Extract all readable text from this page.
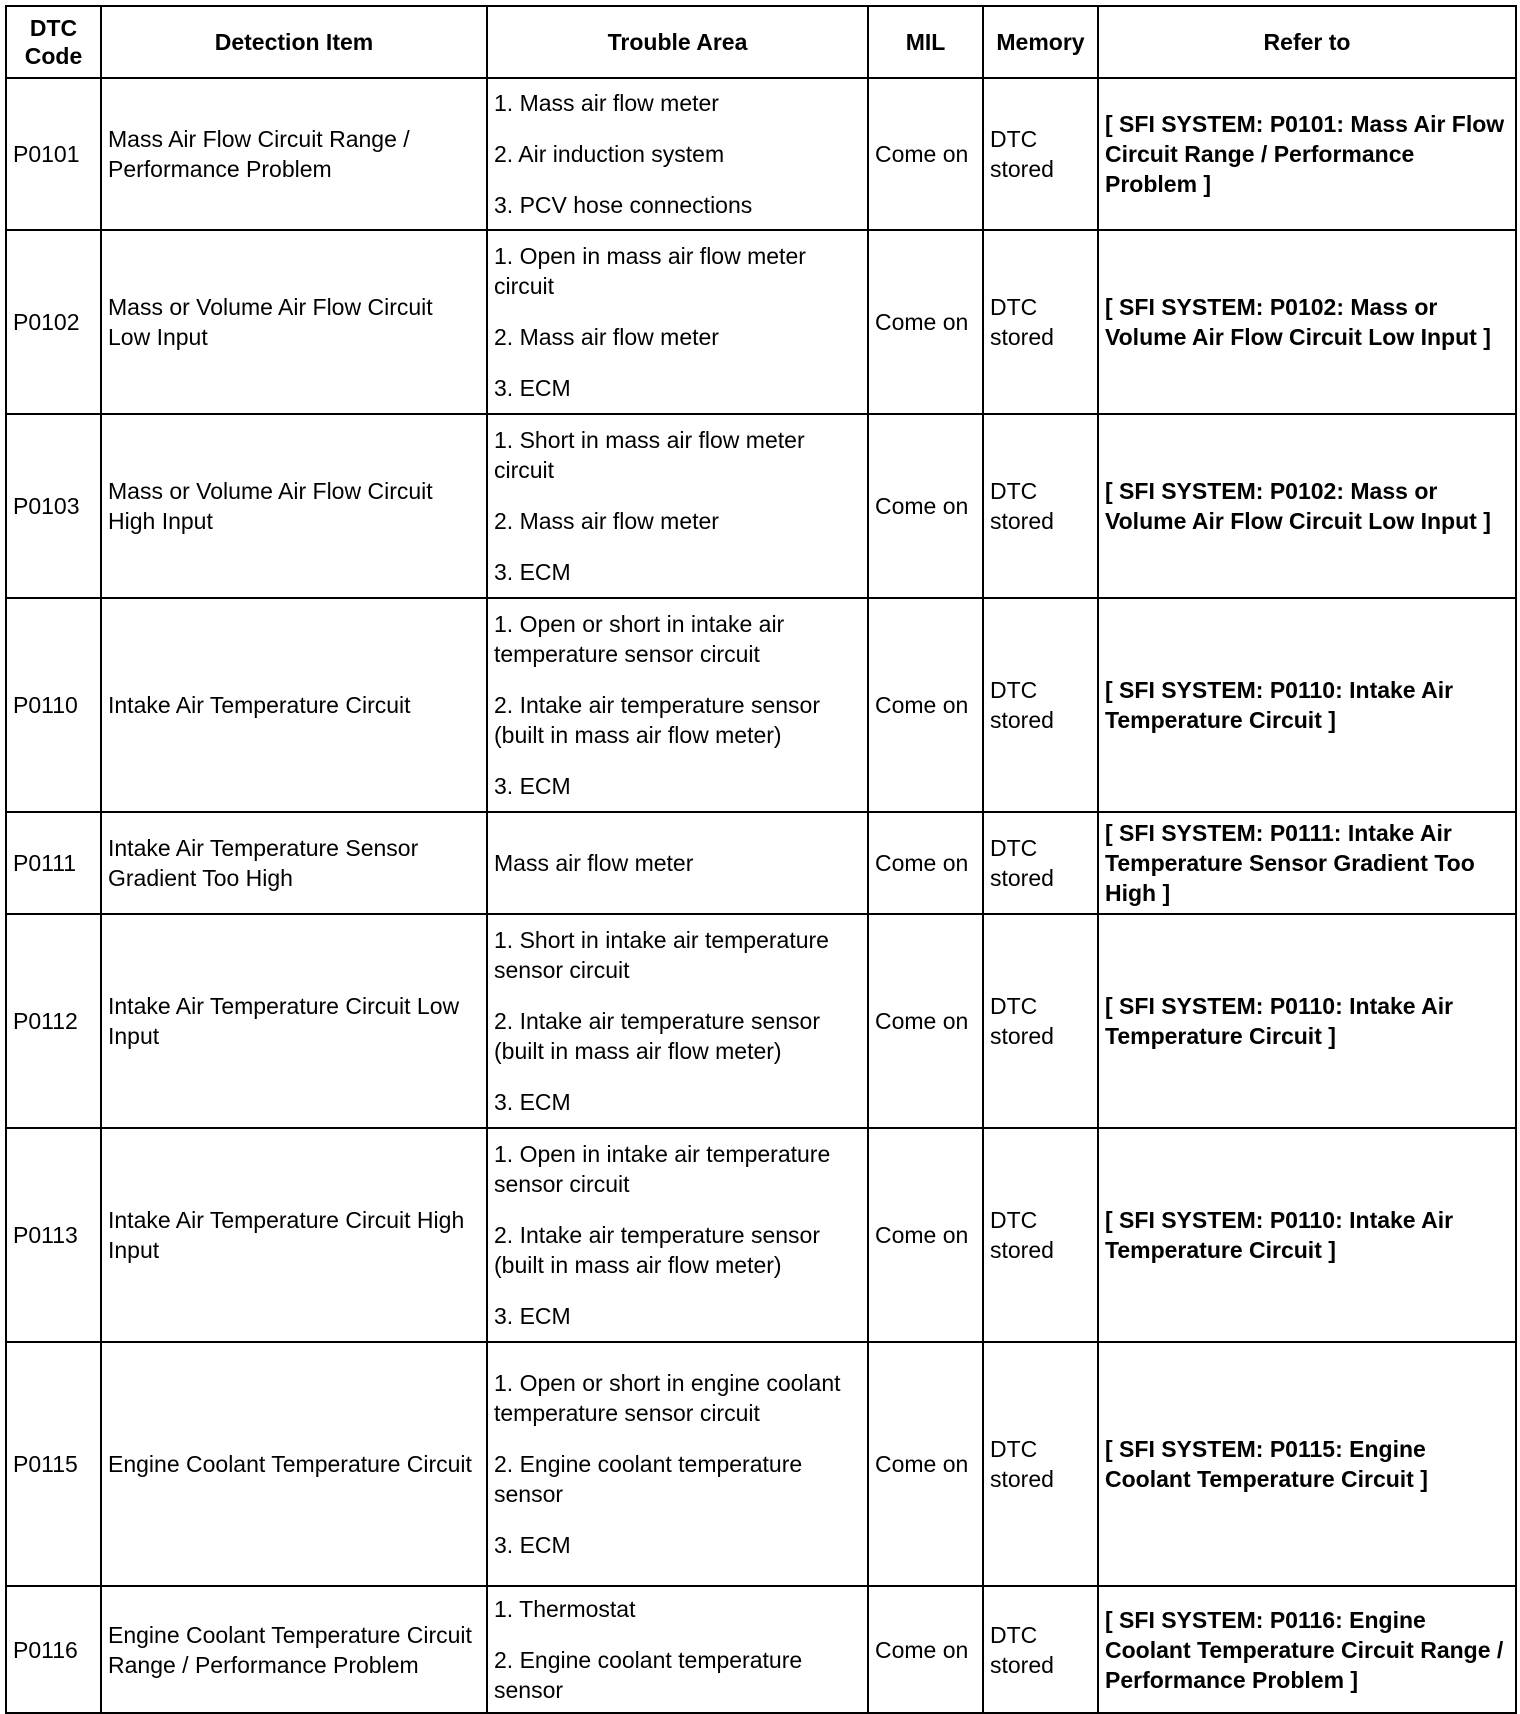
DTC Code	Detection Item	Trouble Area	MIL	Memory	Refer to
P0101	Mass Air Flow Circuit Range / Performance Problem	1. Mass air flow meter
2. Air induction system
3. PCV hose connections	Come on	DTC stored	[ SFI SYSTEM: P0101: Mass Air Flow Circuit Range / Performance Problem ]
P0102	Mass or Volume Air Flow Circuit Low Input	1. Open in mass air flow meter circuit
2. Mass air flow meter
3. ECM	Come on	DTC stored	[ SFI SYSTEM: P0102: Mass or Volume Air Flow Circuit Low Input ]
P0103	Mass or Volume Air Flow Circuit High Input	1. Short in mass air flow meter circuit
2. Mass air flow meter
3. ECM	Come on	DTC stored	[ SFI SYSTEM: P0102: Mass or Volume Air Flow Circuit Low Input ]
P0110	Intake Air Temperature Circuit	1. Open or short in intake air temperature sensor circuit
2. Intake air temperature sensor (built in mass air flow meter)
3. ECM	Come on	DTC stored	[ SFI SYSTEM: P0110: Intake Air Temperature Circuit ]
P0111	Intake Air Temperature Sensor Gradient Too High	Mass air flow meter	Come on	DTC stored	[ SFI SYSTEM: P0111: Intake Air Temperature Sensor Gradient Too High ]
P0112	Intake Air Temperature Circuit Low Input	1. Short in intake air temperature sensor circuit
2. Intake air temperature sensor (built in mass air flow meter)
3. ECM	Come on	DTC stored	[ SFI SYSTEM: P0110: Intake Air Temperature Circuit ]
P0113	Intake Air Temperature Circuit High Input	1. Open in intake air temperature sensor circuit
2. Intake air temperature sensor (built in mass air flow meter)
3. ECM	Come on	DTC stored	[ SFI SYSTEM: P0110: Intake Air Temperature Circuit ]
P0115	Engine Coolant Temperature Circuit	1. Open or short in engine coolant temperature sensor circuit
2. Engine coolant temperature sensor
3. ECM	Come on	DTC stored	[ SFI SYSTEM: P0115: Engine Coolant Temperature Circuit ]
P0116	Engine Coolant Temperature Circuit Range / Performance Problem	1. Thermostat
2. Engine coolant temperature sensor	Come on	DTC stored	[ SFI SYSTEM: P0116: Engine Coolant Temperature Circuit Range / Performance Problem ]
